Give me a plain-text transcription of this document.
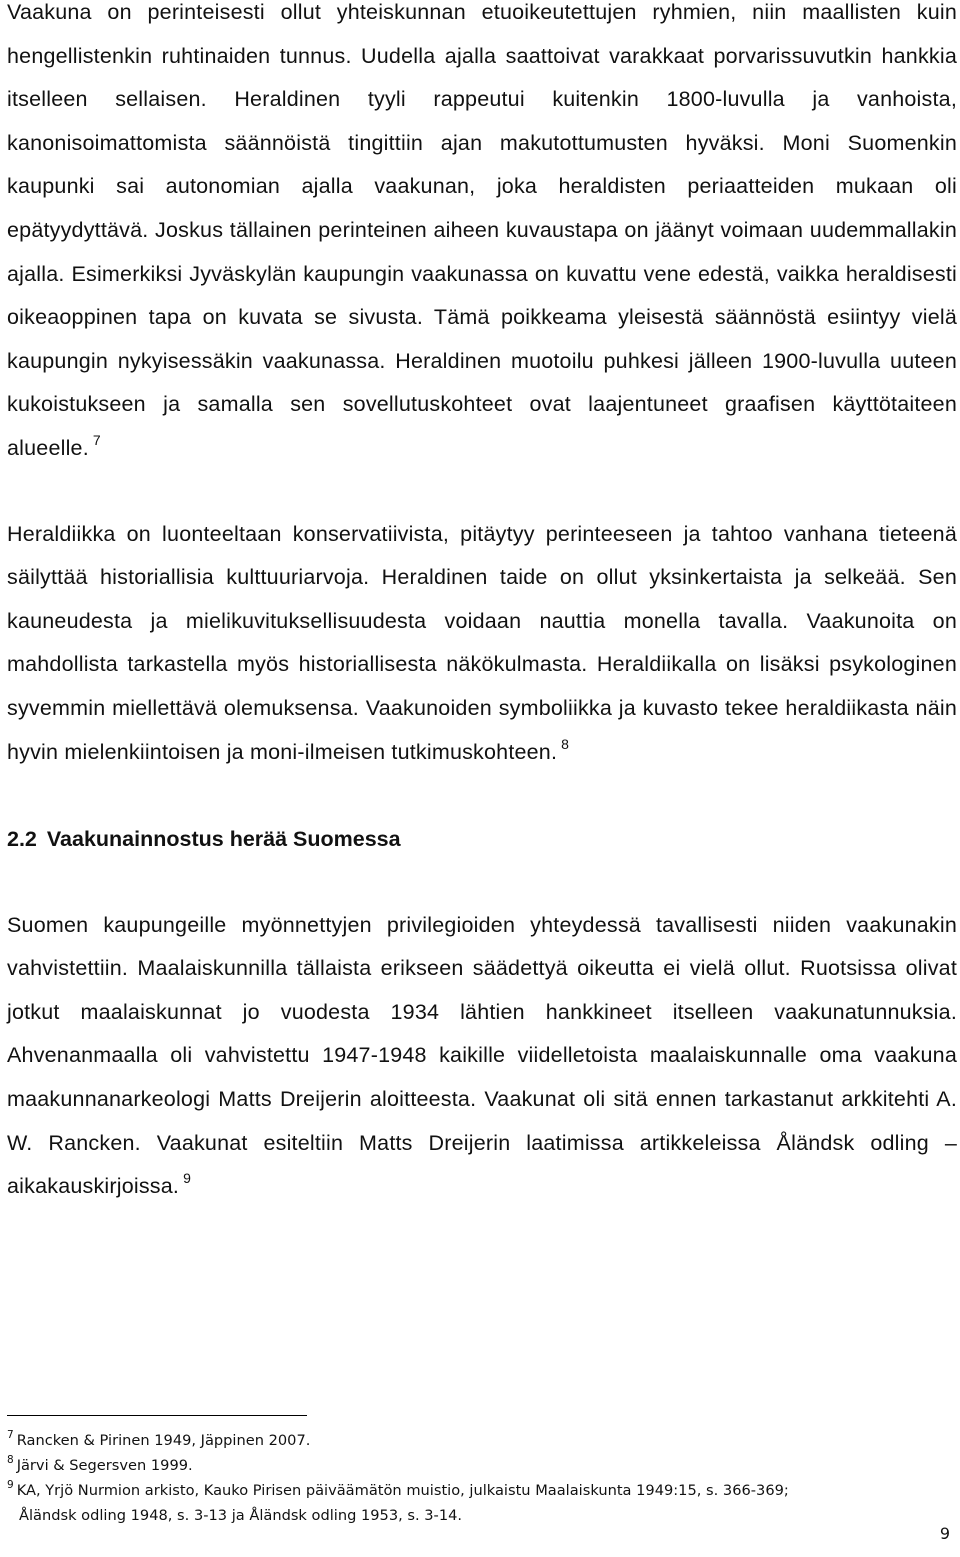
Vaakuna on perinteisesti ollut yhteiskunnan etuoikeutettujen ryhmien, niin maallisten kuin hengellistenkin ruhtinaiden tunnus. Uudella ajalla saattoivat varakkaat porvarissuvutkin hankkia itselleen sellaisen. Heraldinen tyyli rappeutui kuitenkin 1800-luvulla ja vanhoista, kanonisoimattomista säännöistä tingittiin ajan makutottumusten hyväksi. Moni Suomenkin kaupunki sai autonomian ajalla vaakunan, joka heraldisten periaatteiden mukaan oli epätyydyttävä. Joskus tällainen perinteinen aiheen kuvaustapa on jäänyt voimaan uudemmallakin ajalla. Esimerkiksi Jyväskylän kaupungin vaakunassa on kuvattu vene edestä, vaikka heraldisesti oikeaoppinen tapa on kuvata se sivusta. Tämä poikkeama yleisestä säännöstä esiintyy vielä kaupungin nykyisessäkin vaakunassa. Heraldinen muotoilu puhkesi jälleen 1900-luvulla uuteen kukoistukseen ja samalla sen sovellutuskohteet ovat laajentuneet graafisen käyttötaiteen alueelle. $^7$

Heraldiikka on luonteeltaan konservatiivista, pitäytyy perinteeseen ja tahtoo vanhana tieteenä säilyttää historiallisia kulttuuriarvoja. Heraldinen taide on ollut yksinkertaista ja selkeää. Sen kauneudesta ja mielikuvituksellisuudesta voidaan nauttia monella tavalla. Vaakunoita on mahdollista tarkastella myös historiallisesta näkökulmasta. Heraldiikalla on lisäksi psykologinen syvemmin miellettävä olemuksensa. Vaakunoiden symboliikka ja kuvasto tekee heraldiikasta näin hyvin mielenkiintoisen ja moni-ilmeisen tutkimuskohteen. $^8$

2.2 Vaakunainnostus herää Suomessa

Suomen kaupungeille myönnettyjen privilegioiden yhteydessä tavallisesti niiden vaakunakin vahvistettiin. Maalaiskunnilla tällaista erikseen säädettyä oikeutta ei vielä ollut. Ruotsissa olivat jotkut maalaiskunnat jo vuodesta 1934 lähtien hankkineet itselleen vaakunatunnuksia. Ahvenanmaalla oli vahvistettu 1947-1948 kaikille viidelletoista maalaiskunnalle oma vaakuna maakunnanarkeologi Matts Dreijerin aloitteesta. Vaakunat oli sitä ennen tarkastanut arkkitehti A. W. Rancken. Vaakunat esiteltiin Matts Dreijerin laatimissa artikkeleissa Åländsk odling –aikakauskirjoissa. $^9$

$^7$ Rancken & Pirinen 1949, Jäppinen 2007.

$^8$ Järvi & Segersven 1999.

$^9$ KA, Yrjö Nurmion arkisto, Kauko Pirisen päiväämätön muistio, julkaistu Maalaiskunta 1949:15, s. 366-369;
Åländsk odling 1948, s. 3-13 ja Åländsk odling 1953, s. 3-14.

9
